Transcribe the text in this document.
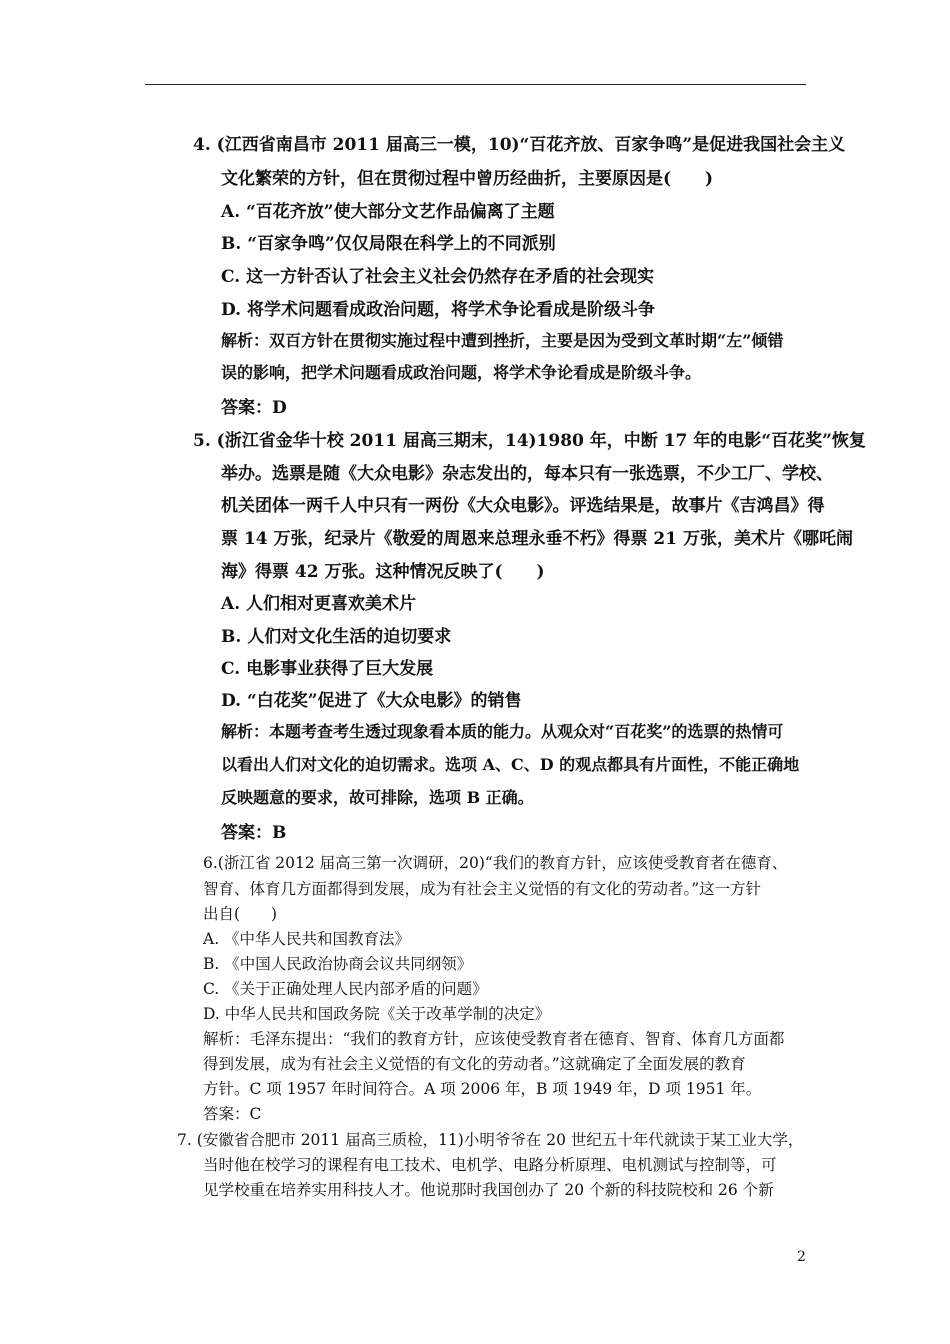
4. (江西省南昌市 2011 届高三一模，10)“百花齐放、百家争鸣”是促进我国社会主义
文化繁荣的方针，但在贯彻过程中曾历经曲折，主要原因是(　　)
A. “百花齐放”使大部分文艺作品偏离了主题
B. “百家争鸣”仅仅局限在科学上的不同派别
C. 这一方针否认了社会主义社会仍然存在矛盾的社会现实
D. 将学术问题看成政治问题，将学术争论看成是阶级斗争
解析：双百方针在贯彻实施过程中遭到挫折，主要是因为受到文革时期“左”倾错
误的影响，把学术问题看成政治问题，将学术争论看成是阶级斗争。
答案：D
5. (浙江省金华十校 2011 届高三期末，14)1980 年，中断 17 年的电影“百花奖”恢复
举办。选票是随《大众电影》杂志发出的，每本只有一张选票，不少工厂、学校、
机关团体一两千人中只有一两份《大众电影》。评选结果是，故事片《吉鸿昌》得
票 14 万张，纪录片《敬爱的周恩来总理永垂不朽》得票 21 万张，美术片《哪吒闹
海》得票 42 万张。这种情况反映了(　　)
A. 人们相对更喜欢美术片
B. 人们对文化生活的迫切要求
C. 电影事业获得了巨大发展
D. “白花奖”促进了《大众电影》的销售
解析：本题考查考生透过现象看本质的能力。从观众对“百花奖”的选票的热情可
以看出人们对文化的迫切需求。选项 A、C、D 的观点都具有片面性，不能正确地
反映题意的要求，故可排除，选项 B 正确。
答案：B
6.(浙江省 2012 届高三第一次调研，20)“我们的教育方针，应该使受教育者在德育、
智育、体育几方面都得到发展，成为有社会主义觉悟的有文化的劳动者。”这一方针
出自(　　)
A. 《中华人民共和国教育法》
B. 《中国人民政治协商会议共同纲领》
C. 《关于正确处理人民内部矛盾的问题》
D. 中华人民共和国政务院《关于改革学制的决定》
解析：毛泽东提出：“我们的教育方针，应该使受教育者在德育、智育、体育几方面都
得到发展，成为有社会主义觉悟的有文化的劳动者。”这就确定了全面发展的教育
方针。C 项 1957 年时间符合。A 项 2006 年，B 项 1949 年，D 项 1951 年。
答案：C
7. (安徽省合肥市 2011 届高三质检，11)小明爷爷在 20 世纪五十年代就读于某工业大学，
当时他在校学习的课程有电工技术、电机学、电路分析原理、电机测试与控制等，可
见学校重在培养实用科技人才。他说那时我国创办了 20 个新的科技院校和 26 个新
2
